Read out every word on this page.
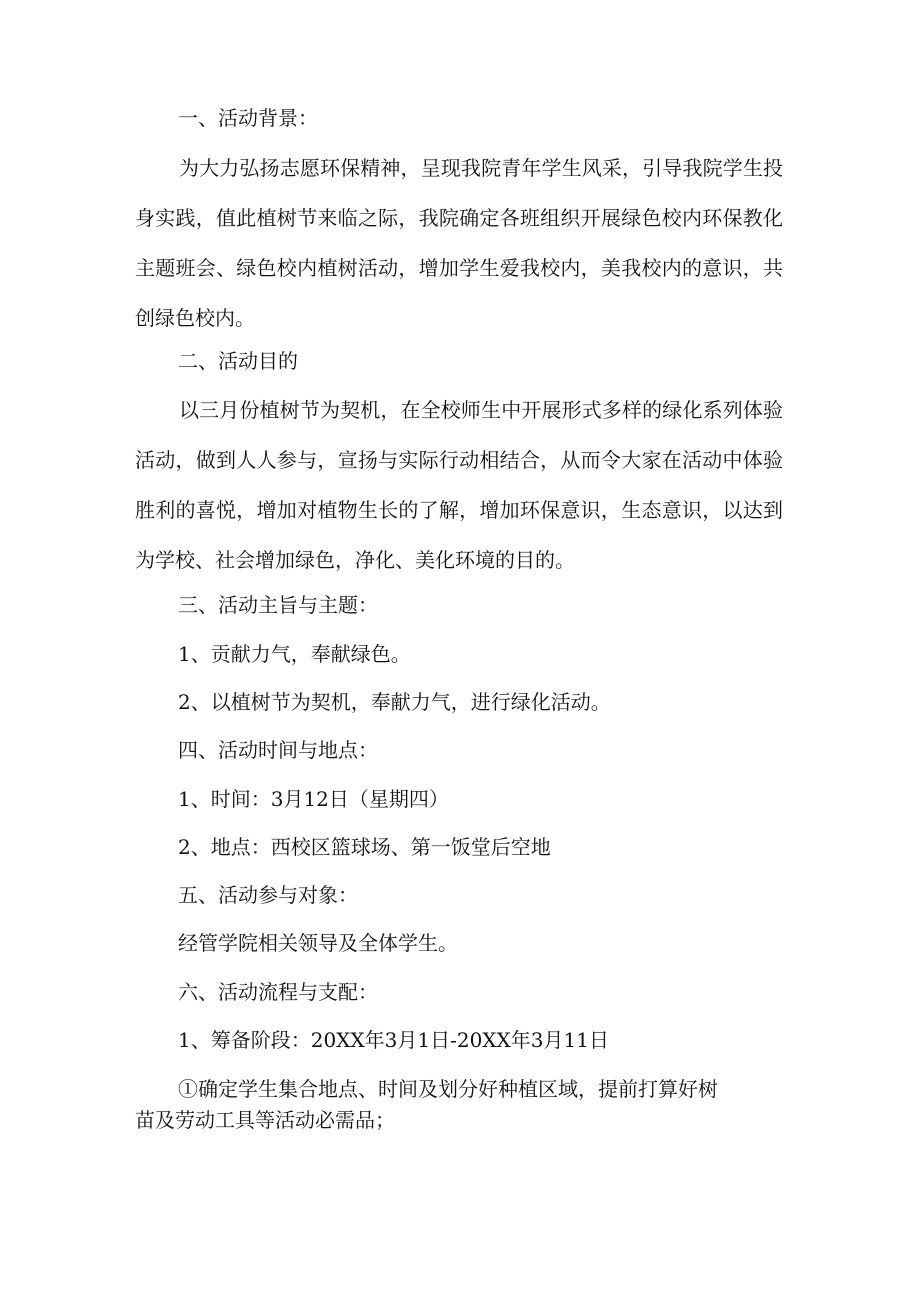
一、活动背景：
为大力弘扬志愿环保精神，呈现我院青年学生风采，引导我院学生投身实践，值此植树节来临之际，我院确定各班组织开展绿色校内环保教化主题班会、绿色校内植树活动，增加学生爱我校内，美我校内的意识，共创绿色校内。
二、活动目的
以三月份植树节为契机，在全校师生中开展形式多样的绿化系列体验活动，做到人人参与，宣扬与实际行动相结合，从而令大家在活动中体验胜利的喜悦，增加对植物生长的了解，增加环保意识，生态意识，以达到为学校、社会增加绿色，净化、美化环境的目的。
三、活动主旨与主题：
1、贡献力气，奉献绿色。
2、以植树节为契机，奉献力气，进行绿化活动。
四、活动时间与地点：
1、时间：3月12日（星期四）
2、地点：西校区篮球场、第一饭堂后空地
五、活动参与对象：
经管学院相关领导及全体学生。
六、活动流程与支配：
1、筹备阶段：20XX年3月1日-20XX年3月11日
①确定学生集合地点、时间及划分好种植区域，提前打算好树
苗及劳动工具等活动必需品；
